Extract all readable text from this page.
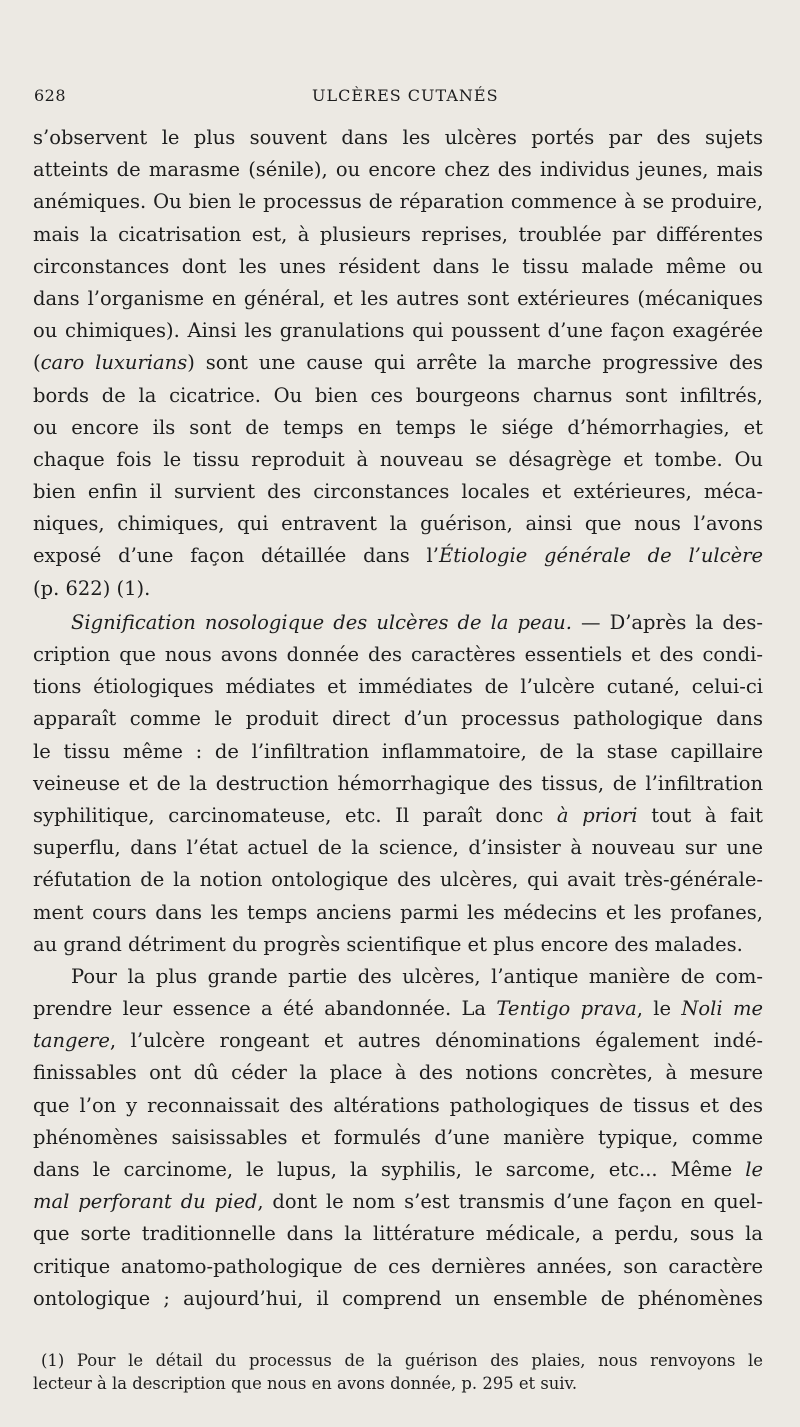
628	ULCÈRES CUTANÉS
s’observent le plus souvent dans les ulcères portés par des sujets
atteints de marasme (sénile), ou encore chez des individus jeunes, mais
anémiques. Ou bien le processus de réparation commence à se produire,
mais la cicatrisation est, à plusieurs reprises, troublée par différentes
circonstances dont les unes résident dans le tissu malade même ou
dans l’organisme en général, et les autres sont extérieures (mécaniques
ou chimiques). Ainsi les granulations qui poussent d’une façon exagérée
(caro luxurians) sont une cause qui arrête la marche progressive des
bords de la cicatrice. Ou bien ces bourgeons charnus sont infiltrés,
ou encore ils sont de temps en temps le siége d’hémorrhagies, et
chaque fois le tissu reproduit à nouveau se désagrège et tombe. Ou
bien enfin il survient des circonstances locales et extérieures, méca-
niques, chimiques, qui entravent la guérison, ainsi que nous l’avons
exposé d’une façon détaillée dans l’Étiologie générale de l’ulcère
(p. 622) (1).
Signification nosologique des ulcères de la peau. — D’après la des-
cription que nous avons donnée des caractères essentiels et des condi-
tions étiologiques médiates et immédiates de l’ulcère cutané, celui-ci
apparaît comme le produit direct d’un processus pathologique dans
le tissu même : de l’infiltration inflammatoire, de la stase capillaire
veineuse et de la destruction hémorrhagique des tissus, de l’infiltration
syphilitique, carcinomateuse, etc. Il paraît donc à priori tout à fait
superflu, dans l’état actuel de la science, d’insister à nouveau sur une
réfutation de la notion ontologique des ulcères, qui avait très-générale-
ment cours dans les temps anciens parmi les médecins et les profanes,
au grand détriment du progrès scientifique et plus encore des malades.
Pour la plus grande partie des ulcères, l’antique manière de com-
prendre leur essence a été abandonnée. La Tentigo prava, le Noli me
tangere, l’ulcère rongeant et autres dénominations également indé-
finissables ont dû céder la place à des notions concrètes, à mesure
que l’on y reconnaissait des altérations pathologiques de tissus et des
phénomènes saisissables et formulés d’une manière typique, comme
dans le carcinome, le lupus, la syphilis, le sarcome, etc... Même le
mal perforant du pied, dont le nom s’est transmis d’une façon en quel-
que sorte traditionnelle dans la littérature médicale, a perdu, sous la
critique anatomo-pathologique de ces dernières années, son caractère
ontologique ; aujourd’hui, il comprend un ensemble de phénomènes
(1) Pour le détail du processus de la guérison des plaies, nous renvoyons le
lecteur à la description que nous en avons donnée, p. 295 et suiv.
